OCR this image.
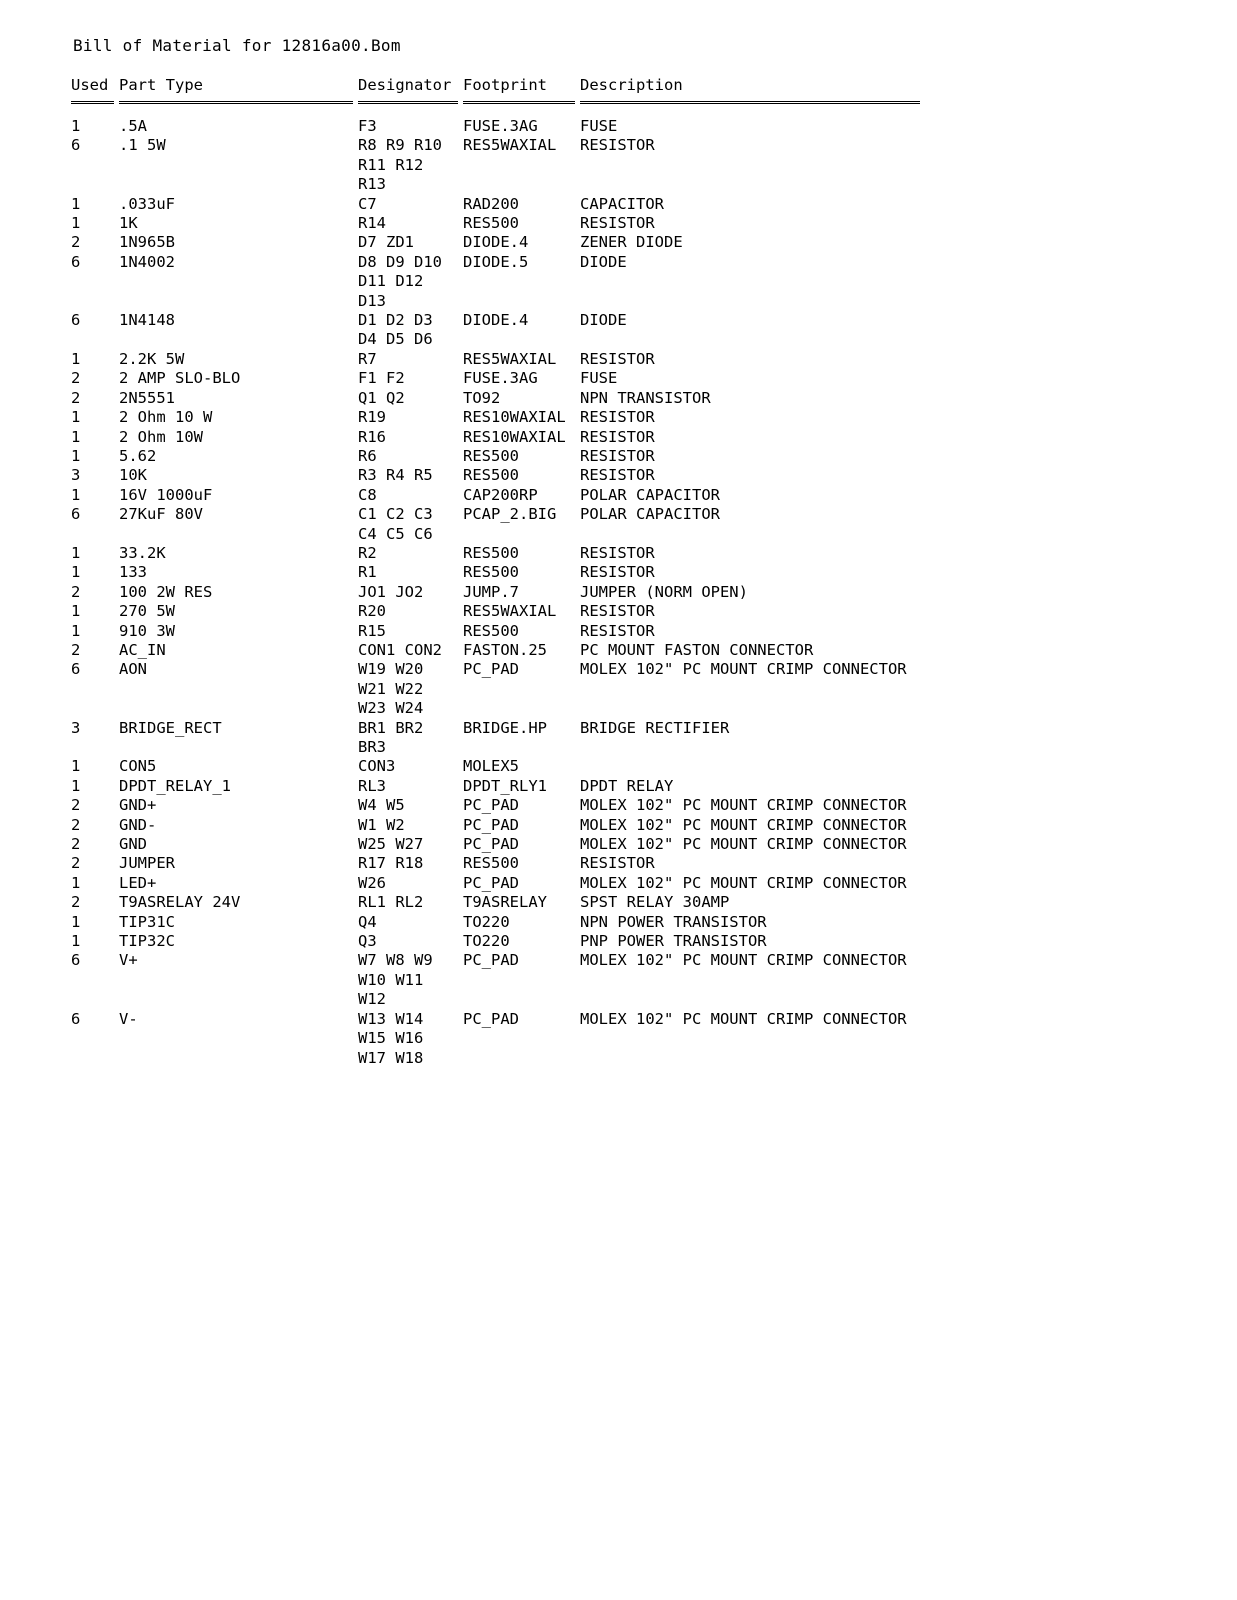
Bill of Material for 12816a00.Bom
Used	Part Type	Designator	Footprint	Description

1	.5A	F3	FUSE.3AG	FUSE
6	.1 5W	R8 R9 R10
R11 R12
R13	RES5WAXIAL	RESISTOR
1	.033uF	C7	RAD200	CAPACITOR
1	1K	R14	RES500	RESISTOR
2	1N965B	D7 ZD1	DIODE.4	ZENER DIODE
6	1N4002	D8 D9 D10
D11 D12
D13	DIODE.5	DIODE
6	1N4148	D1 D2 D3
D4 D5 D6	DIODE.4	DIODE
1	2.2K 5W	R7	RES5WAXIAL	RESISTOR
2	2 AMP SLO-BLO	F1 F2	FUSE.3AG	FUSE
2	2N5551	Q1 Q2	TO92	NPN TRANSISTOR
1	2 Ohm 10 W	R19	RES10WAXIAL	RESISTOR
1	2 Ohm 10W	R16	RES10WAXIAL	RESISTOR
1	5.62	R6	RES500	RESISTOR
3	10K	R3 R4 R5	RES500	RESISTOR
1	16V 1000uF	C8	CAP200RP	POLAR CAPACITOR
6	27KuF 80V	C1 C2 C3
C4 C5 C6	PCAP_2.BIG	POLAR CAPACITOR
1	33.2K	R2	RES500	RESISTOR
1	133	R1	RES500	RESISTOR
2	100 2W RES	JO1 JO2	JUMP.7	JUMPER (NORM OPEN)
1	270 5W	R20	RES5WAXIAL	RESISTOR
1	910 3W	R15	RES500	RESISTOR
2	AC_IN	CON1 CON2	FASTON.25	PC MOUNT FASTON CONNECTOR
6	AON	W19 W20
W21 W22
W23 W24	PC_PAD	MOLEX 102" PC MOUNT CRIMP CONNECTOR
3	BRIDGE_RECT	BR1 BR2
BR3	BRIDGE.HP	BRIDGE RECTIFIER
1	CON5	CON3	MOLEX5	
1	DPDT_RELAY_1	RL3	DPDT_RLY1	DPDT RELAY
2	GND+	W4 W5	PC_PAD	MOLEX 102" PC MOUNT CRIMP CONNECTOR
2	GND-	W1 W2	PC_PAD	MOLEX 102" PC MOUNT CRIMP CONNECTOR
2	GND	W25 W27	PC_PAD	MOLEX 102" PC MOUNT CRIMP CONNECTOR
2	JUMPER	R17 R18	RES500	RESISTOR
1	LED+	W26	PC_PAD	MOLEX 102" PC MOUNT CRIMP CONNECTOR
2	T9ASRELAY 24V	RL1 RL2	T9ASRELAY	SPST RELAY 30AMP
1	TIP31C	Q4	TO220	NPN POWER TRANSISTOR
1	TIP32C	Q3	TO220	PNP POWER TRANSISTOR
6	V+	W7 W8 W9
W10 W11
W12	PC_PAD	MOLEX 102" PC MOUNT CRIMP CONNECTOR
6	V-	W13 W14
W15 W16
W17 W18	PC_PAD	MOLEX 102" PC MOUNT CRIMP CONNECTOR
